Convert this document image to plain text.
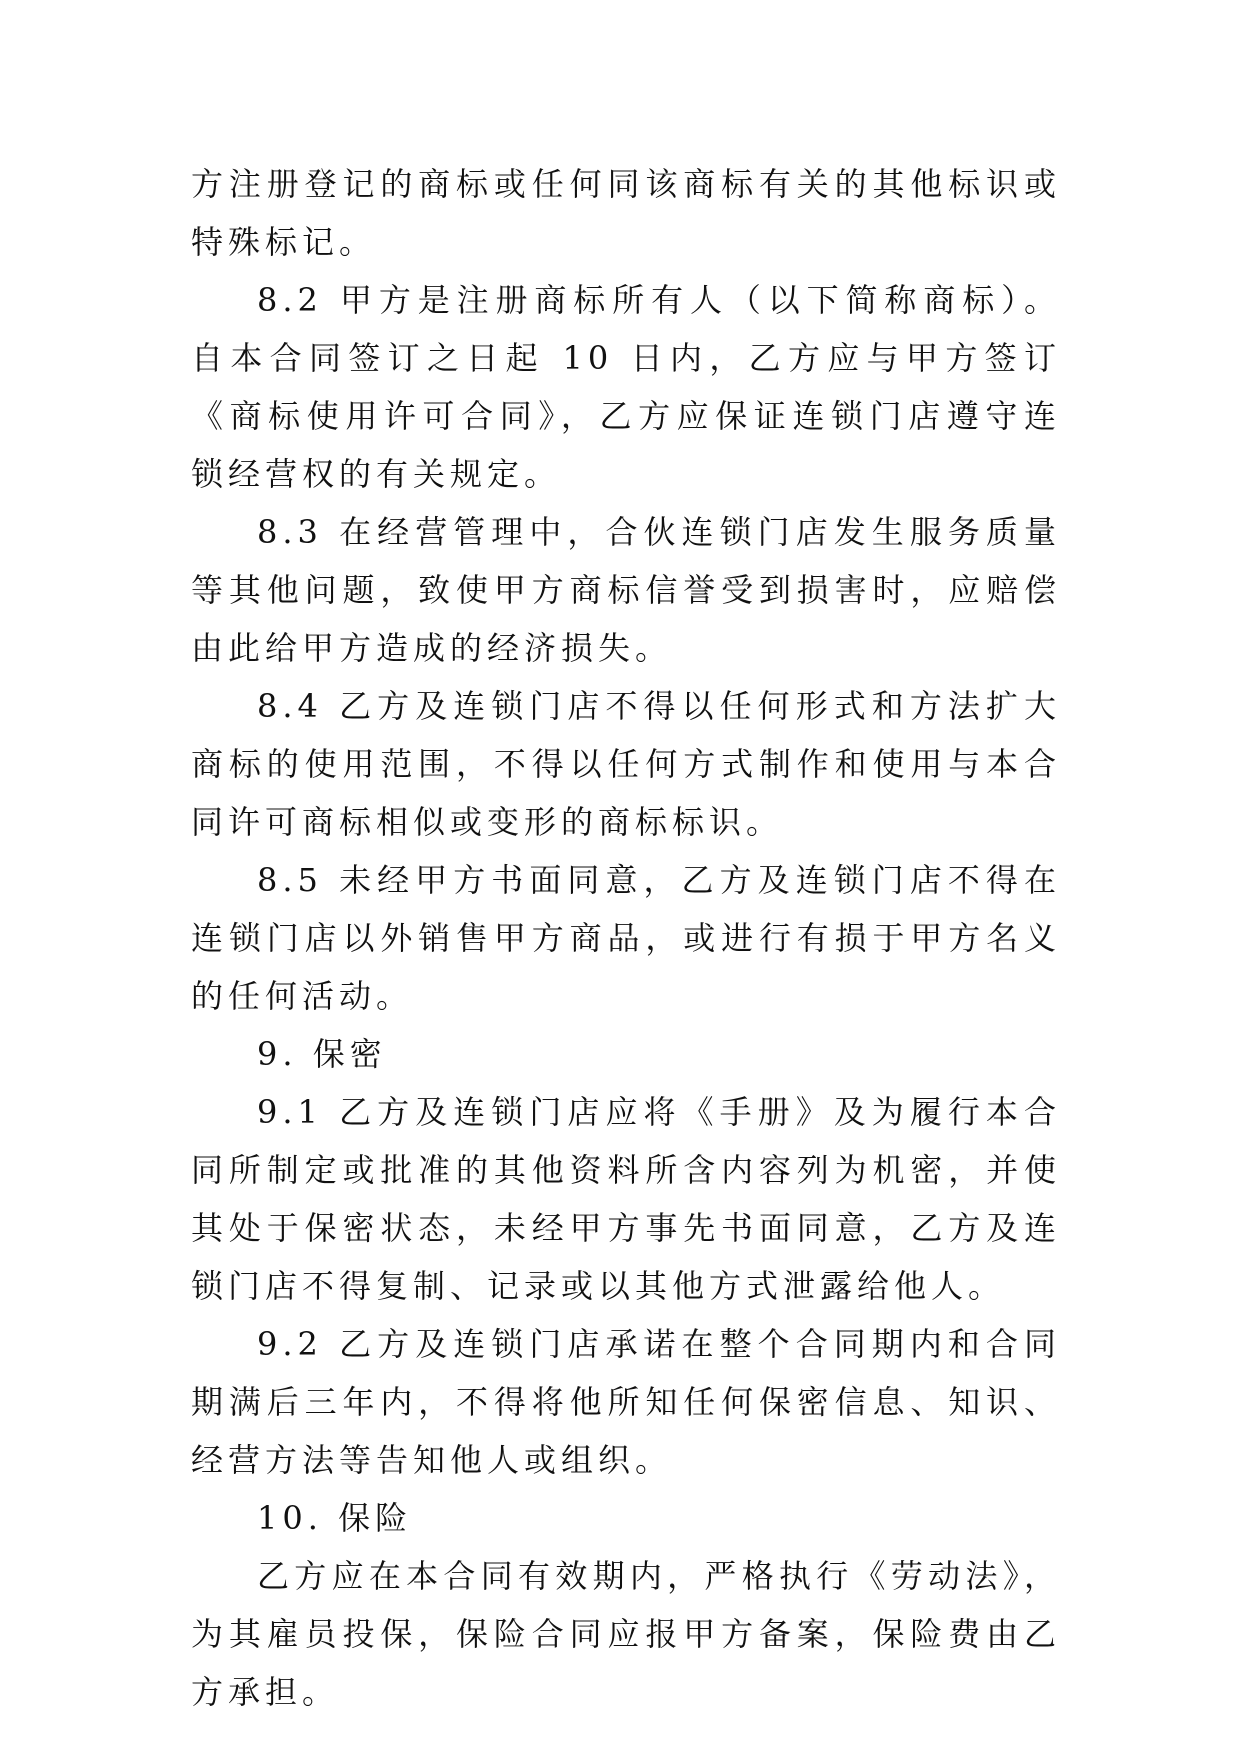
方注册登记的商标或任何同该商标有关的其他标识或特殊标记。

8.2 甲方是注册商标所有人（以下简称商标）。自本合同签订之日起 10 日内，乙方应与甲方签订《商标使用许可合同》，乙方应保证连锁门店遵守连锁经营权的有关规定。

8.3 在经营管理中，合伙连锁门店发生服务质量等其他问题，致使甲方商标信誉受到损害时，应赔偿由此给甲方造成的经济损失。

8.4 乙方及连锁门店不得以任何形式和方法扩大商标的使用范围，不得以任何方式制作和使用与本合同许可商标相似或变形的商标标识。

8.5 未经甲方书面同意，乙方及连锁门店不得在连锁门店以外销售甲方商品，或进行有损于甲方名义的任何活动。

9. 保密

9.1 乙方及连锁门店应将《手册》及为履行本合同所制定或批准的其他资料所含内容列为机密，并使其处于保密状态，未经甲方事先书面同意，乙方及连锁门店不得复制、记录或以其他方式泄露给他人。

9.2 乙方及连锁门店承诺在整个合同期内和合同期满后三年内，不得将他所知任何保密信息、知识、经营方法等告知他人或组织。

10. 保险

乙方应在本合同有效期内，严格执行《劳动法》，为其雇员投保，保险合同应报甲方备案，保险费由乙方承担。
